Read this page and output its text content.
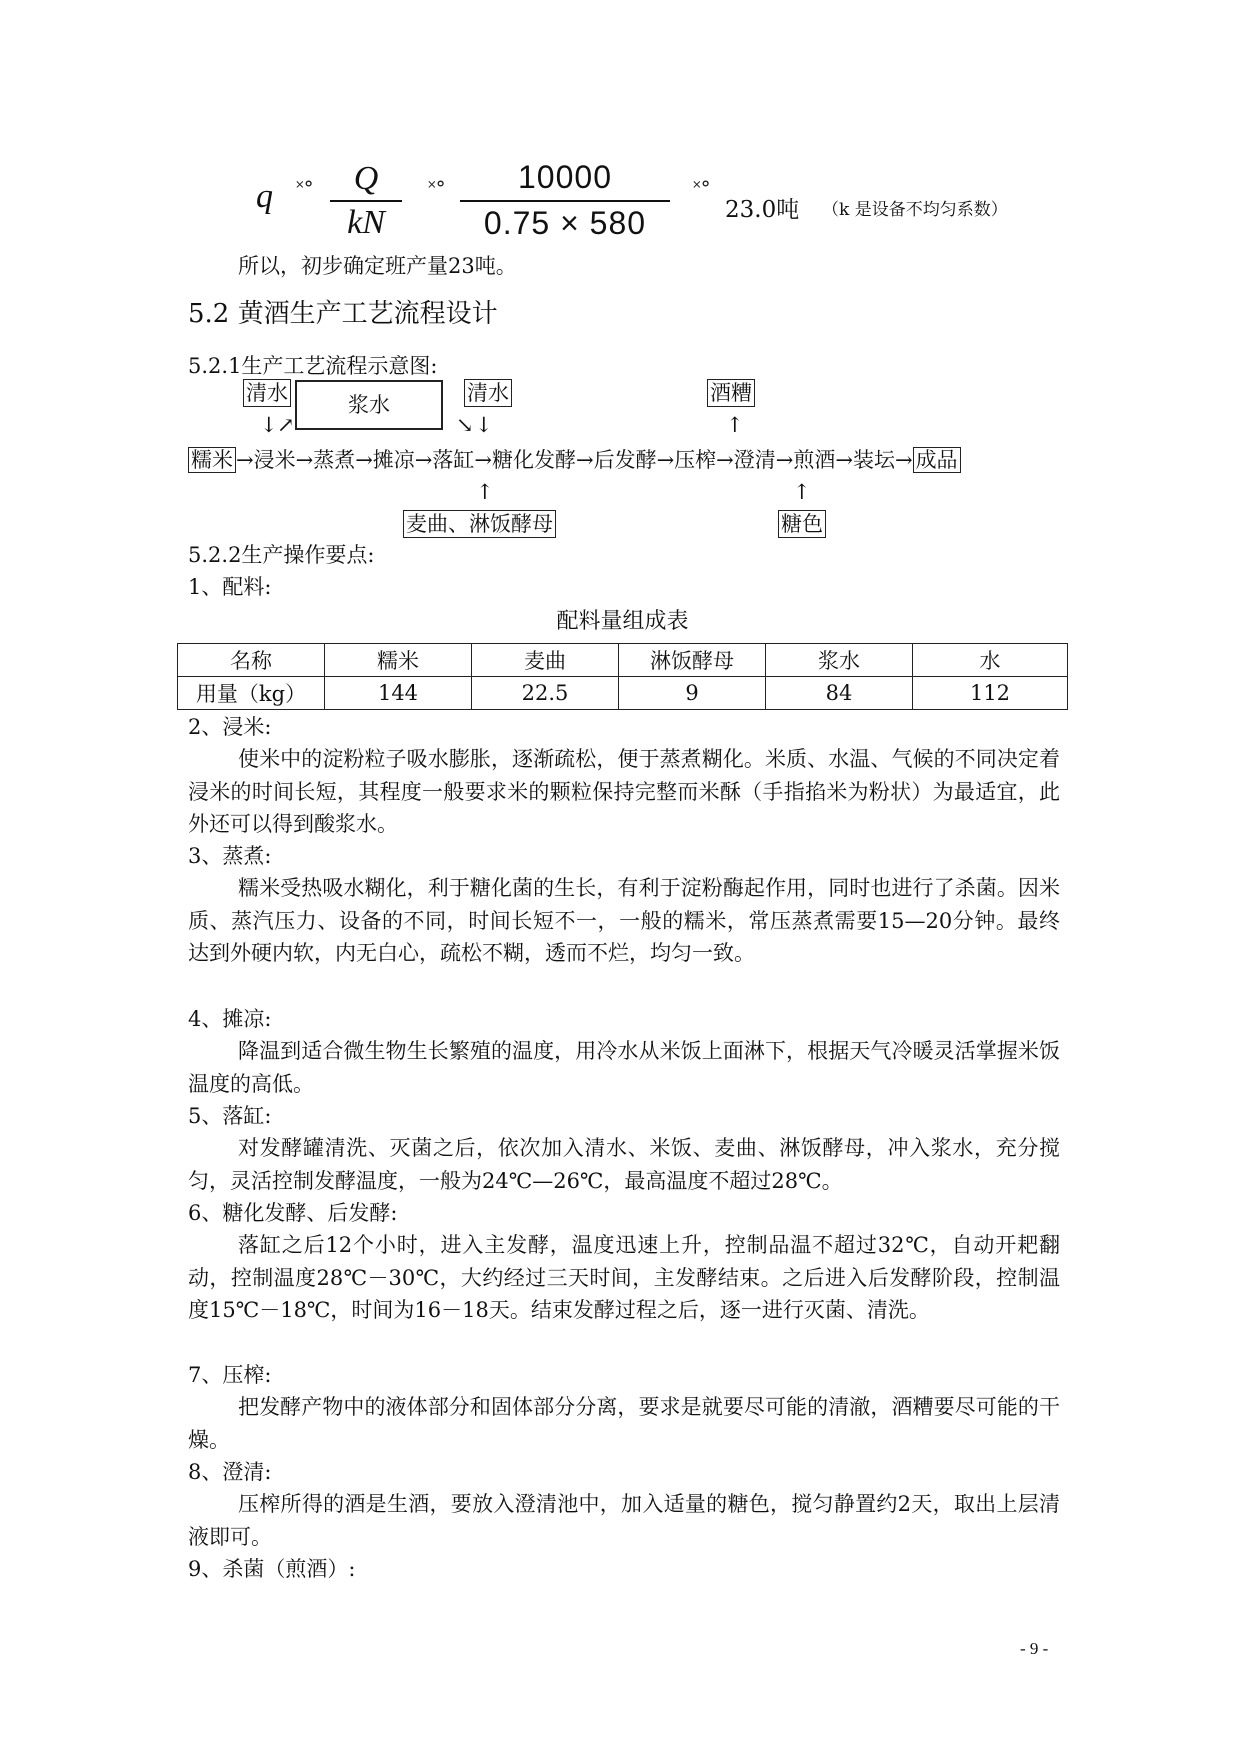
q ˟°	Q
kN
˟°	10000
0.75 × 580
˟°
23.0吨 （k 是设备不均匀系数）
所以，初步确定班产量23吨。
5.2 黄酒生产工艺流程设计
5.2.1生产工艺流程示意图:
清水	浆水	清水	酒糟
↓ ↗	↘ ↓	↑
糯米 →浸米→蒸煮→摊凉→落缸→糖化发酵→后发酵→压榨→澄清→煎酒→装坛→ 成品
↑	↑
麦曲、淋饭酵母	糖色
5.2.2生产操作要点:
1、配料:
配料量组成表
名称	糯米	麦曲	淋饭酵母	浆水	水
用量（kg）	144	22.5	9	84	112
2、浸米:
使米中的淀粉粒子吸水膨胀，逐渐疏松，便于蒸煮糊化。米质、水温、气候的不同决定着浸米的时间长短，其程度一般要求米的颗粒保持完整而米酥（手指掐米为粉状）为最适宜，此外还可以得到酸浆水。
3、蒸煮:
糯米受热吸水糊化，利于糖化菌的生长，有利于淀粉酶起作用，同时也进行了杀菌。因米质、蒸汽压力、设备的不同，时间长短不一，一般的糯米，常压蒸煮需要15—20分钟。最终达到外硬内软，内无白心，疏松不糊，透而不烂，均匀一致。
4、摊凉:
降温到适合微生物生长繁殖的温度，用冷水从米饭上面淋下，根据天气冷暖灵活掌握米饭温度的高低。
5、落缸:
对发酵罐清洗、灭菌之后，依次加入清水、米饭、麦曲、淋饭酵母，冲入浆水，充分搅匀，灵活控制发酵温度，一般为24℃—26℃，最高温度不超过28℃。
6、糖化发酵、后发酵:
落缸之后12个小时，进入主发酵，温度迅速上升，控制品温不超过32℃，自动开耙翻动，控制温度28℃－30℃，大约经过三天时间，主发酵结束。之后进入后发酵阶段，控制温度15℃－18℃，时间为16－18天。结束发酵过程之后，逐一进行灭菌、清洗。
7、压榨:
把发酵产物中的液体部分和固体部分分离，要求是就要尽可能的清澈，酒糟要尽可能的干燥。
8、澄清:
压榨所得的酒是生酒，要放入澄清池中，加入适量的糖色，搅匀静置约2天，取出上层清液即可。
9、杀菌（煎酒）:
- 9 -
